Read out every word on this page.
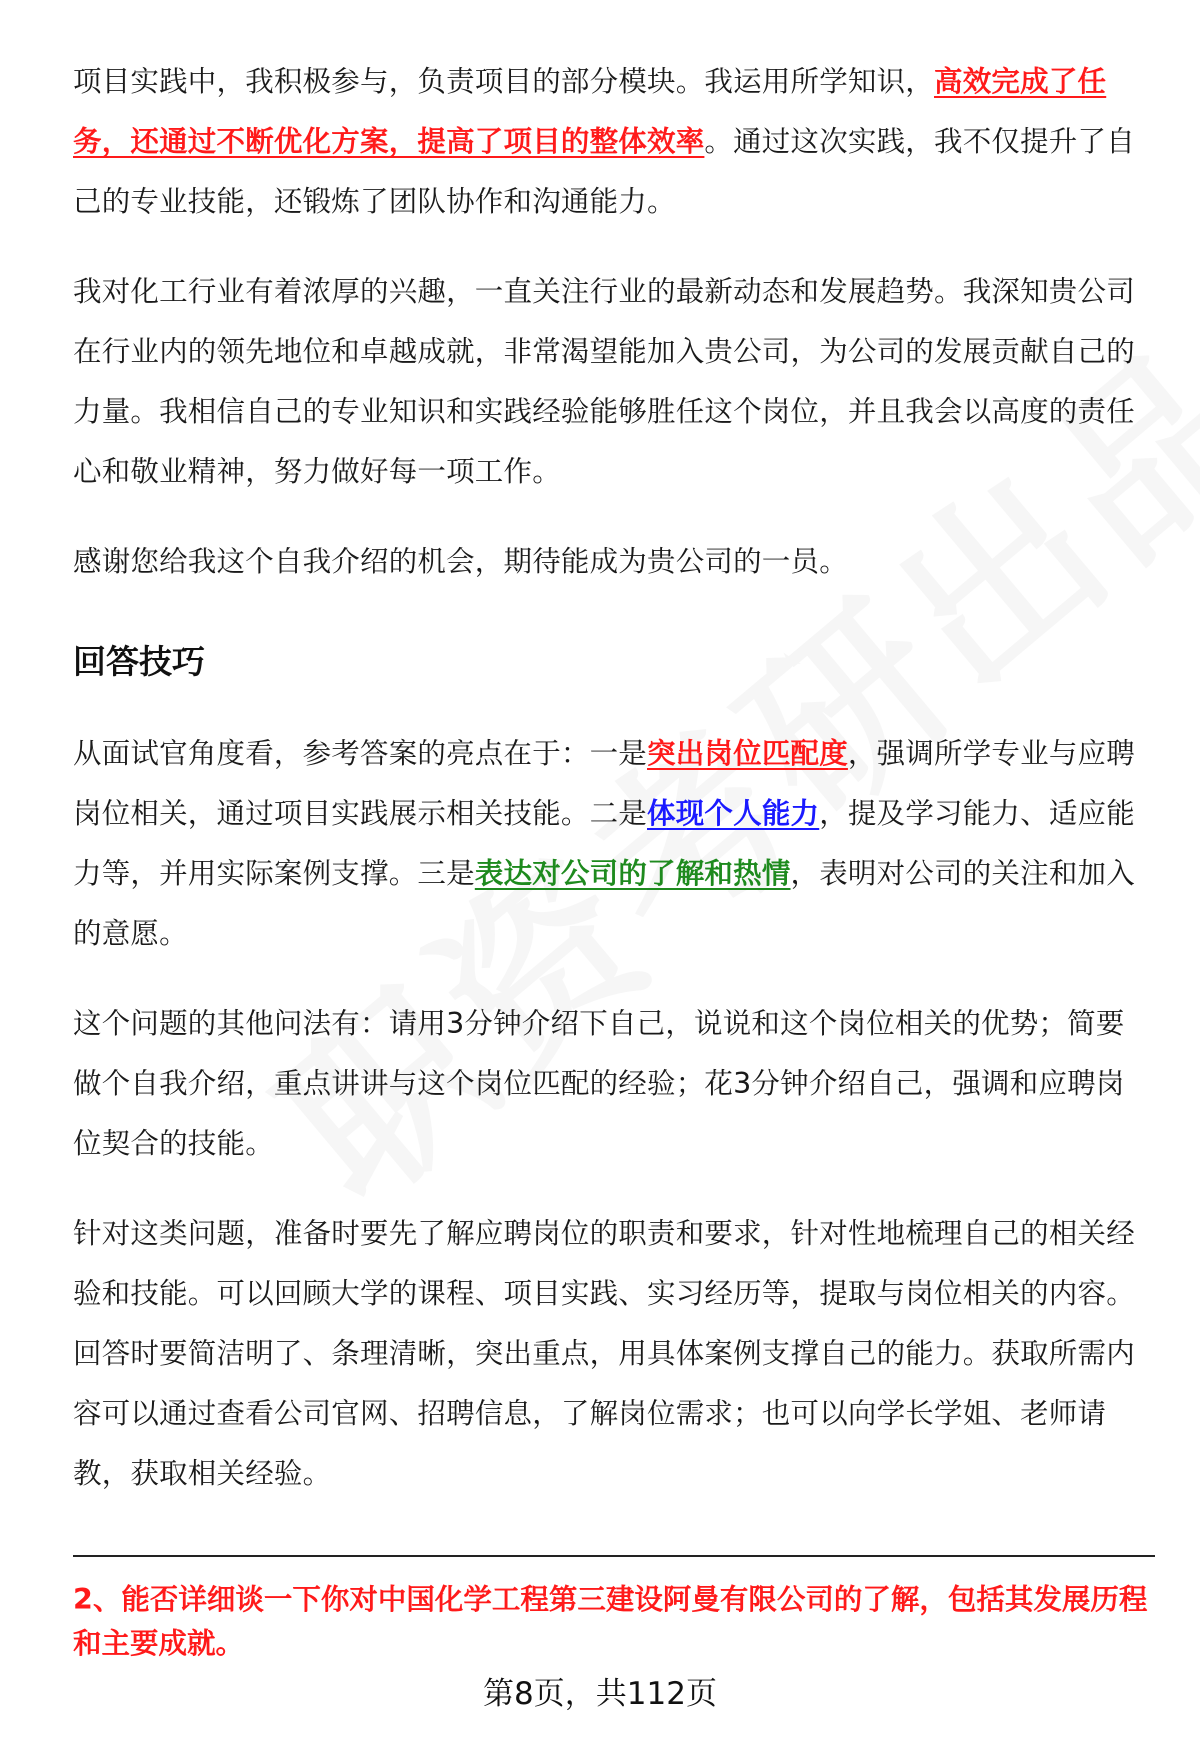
项目实践中，我积极参与，负责项目的部分模块。我运用所学知识，高效完成了任务，还通过不断优化方案，提高了项目的整体效率。通过这次实践，我不仅提升了自己的专业技能，还锻炼了团队协作和沟通能力。

我对化工行业有着浓厚的兴趣，一直关注行业的最新动态和发展趋势。我深知贵公司在行业内的领先地位和卓越成就，非常渴望能加入贵公司，为公司的发展贡献自己的力量。我相信自己的专业知识和实践经验能够胜任这个岗位，并且我会以高度的责任心和敬业精神，努力做好每一项工作。

感谢您给我这个自我介绍的机会，期待能成为贵公司的一员。

回答技巧

从面试官角度看，参考答案的亮点在于：一是突出岗位匹配度，强调所学专业与应聘岗位相关，通过项目实践展示相关技能。二是体现个人能力，提及学习能力、适应能力等，并用实际案例支撑。三是表达对公司的了解和热情，表明对公司的关注和加入的意愿。

这个问题的其他问法有：请用3分钟介绍下自己，说说和这个岗位相关的优势；简要做个自我介绍，重点讲讲与这个岗位匹配的经验；花3分钟介绍自己，强调和应聘岗位契合的技能。

针对这类问题，准备时要先了解应聘岗位的职责和要求，针对性地梳理自己的相关经验和技能。可以回顾大学的课程、项目实践、实习经历等，提取与岗位相关的内容。回答时要简洁明了、条理清晰，突出重点，用具体案例支撑自己的能力。获取所需内容可以通过查看公司官网、招聘信息，了解岗位需求；也可以向学长学姐、老师请教，获取相关经验。

2、能否详细谈一下你对中国化学工程第三建设阿曼有限公司的了解，包括其发展历程和主要成就。
第8页，共112页
